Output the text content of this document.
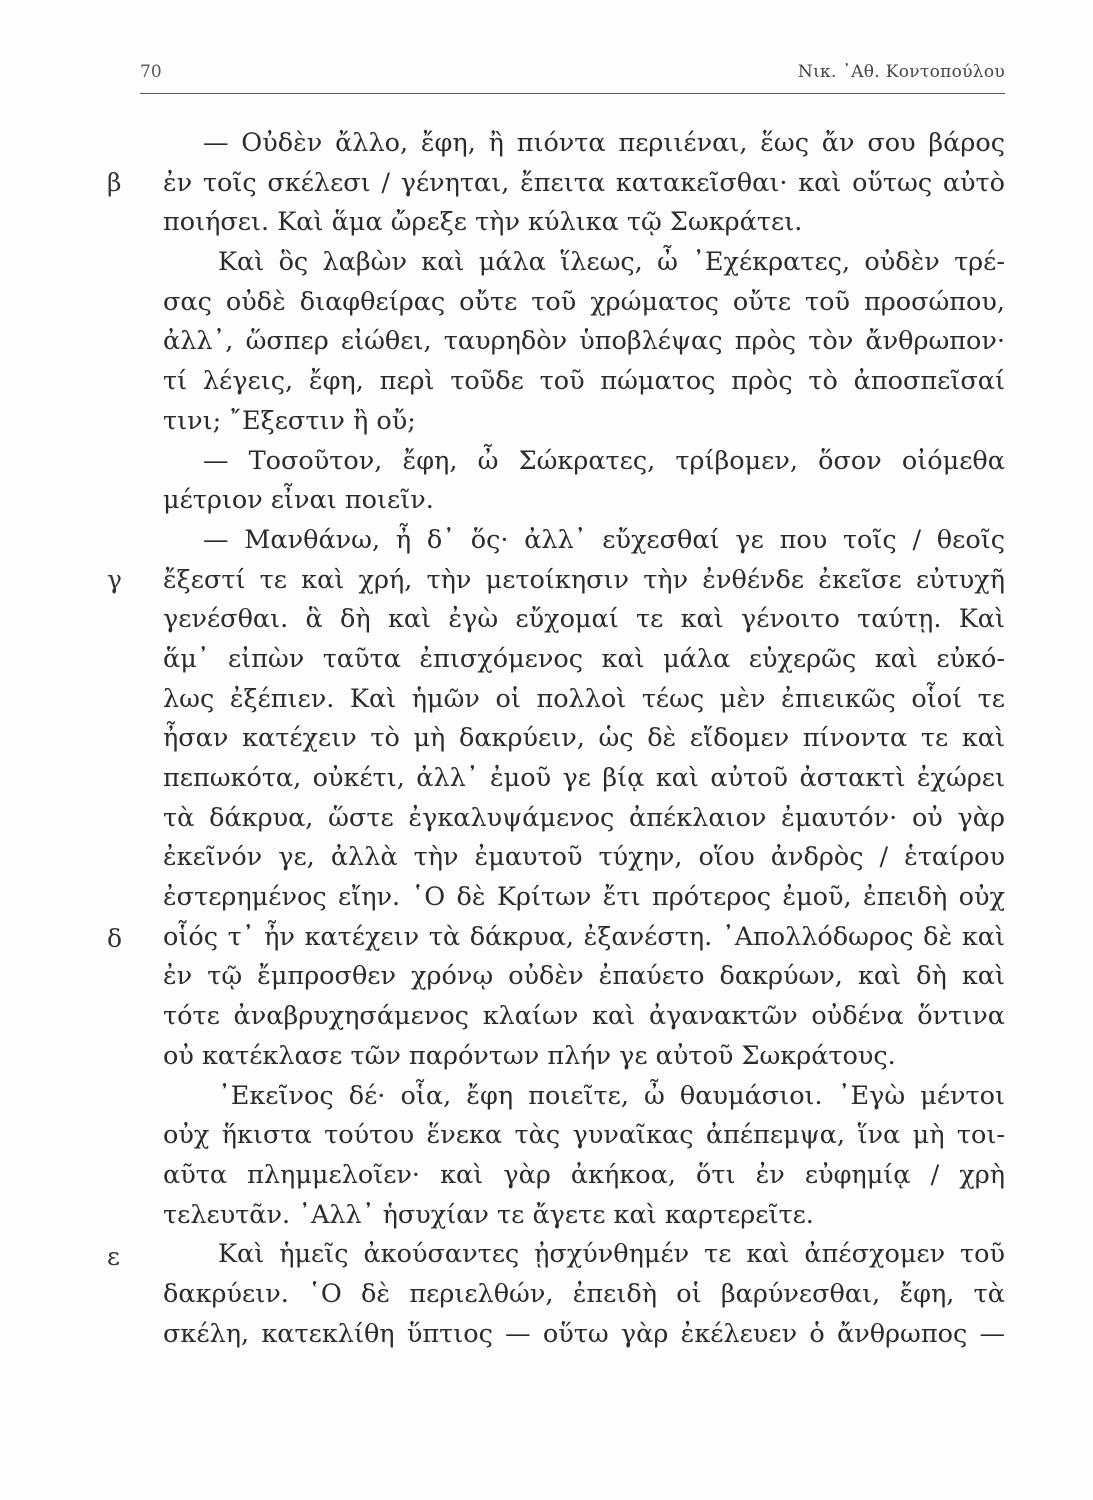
70	Νικ. ᾿Αθ. Κοντοπούλου
β
γ
δ
ε
— Οὐδὲν ἄλλο, ἔφη, ἢ πιόντα περιιέναι, ἕως ἄν σου βάρος
ἐν τοῖς σκέλεσι / γένηται, ἔπειτα κατακεῖσθαι· καὶ οὕτως αὐτὸ
ποιήσει. Καὶ ἅμα ὤρεξε τὴν κύλικα τῷ Σωκράτει.
Καὶ ὃς λαβὼν καὶ μάλα ἵλεως, ὦ ᾿Εχέκρατες, οὐδὲν τρέ-
σας οὐδὲ διαφθείρας οὔτε τοῦ χρώματος οὔτε τοῦ προσώπου,
ἀλλ᾿, ὥσπερ εἰώθει, ταυρηδὸν ὑποβλέψας πρὸς τὸν ἄνθρωπον·
τί λέγεις, ἔφη, περὶ τοῦδε τοῦ πώματος πρὸς τὸ ἀποσπεῖσαί
τινι; ῎Εξεστιν ἢ οὔ;
— Τοσοῦτον, ἔφη, ὦ Σώκρατες, τρίβομεν, ὅσον οἰόμεθα
μέτριον εἶναι ποιεῖν.
— Μανθάνω, ἦ δ᾿ ὅς· ἀλλ᾿ εὔχεσθαί γε που τοῖς / θεοῖς
ἔξεστί τε καὶ χρή, τὴν μετοίκησιν τὴν ἐνθένδε ἐκεῖσε εὐτυχῆ
γενέσθαι. ἃ δὴ καὶ ἐγὼ εὔχομαί τε καὶ γένοιτο ταύτῃ. Καὶ
ἅμ᾿ εἰπὼν ταῦτα ἐπισχόμενος καὶ μάλα εὐχερῶς καὶ εὐκό-
λως ἐξέπιεν. Καὶ ἡμῶν οἱ πολλοὶ τέως μὲν ἐπιεικῶς οἷοί τε
ἦσαν κατέχειν τὸ μὴ δακρύειν, ὡς δὲ εἴδομεν πίνοντα τε καὶ
πεπωκότα, οὐκέτι, ἀλλ᾿ ἐμοῦ γε βίᾳ καὶ αὐτοῦ ἀστακτὶ ἐχώρει
τὰ δάκρυα, ὥστε ἐγκαλυψάμενος ἀπέκλαιον ἐμαυτόν· οὐ γὰρ
ἐκεῖνόν γε, ἀλλὰ τὴν ἐμαυτοῦ τύχην, οἵου ἀνδρὸς / ἑταίρου
ἐστερημένος εἴην. ῾Ο δὲ Κρίτων ἔτι πρότερος ἐμοῦ, ἐπειδὴ οὐχ
οἷός τ᾿ ἦν κατέχειν τὰ δάκρυα, ἐξανέστη. ᾿Απολλόδωρος δὲ καὶ
ἐν τῷ ἔμπροσθεν χρόνῳ οὐδὲν ἐπαύετο δακρύων, καὶ δὴ καὶ
τότε ἀναβρυχησάμενος κλαίων καὶ ἀγανακτῶν οὐδένα ὅντινα
οὐ κατέκλασε τῶν παρόντων πλήν γε αὐτοῦ Σωκράτους.
᾿Εκεῖνος δέ· οἷα, ἔφη ποιεῖτε, ὦ θαυμάσιοι. ᾿Εγὼ μέντοι
οὐχ ἥκιστα τούτου ἕνεκα τὰς γυναῖκας ἀπέπεμψα, ἵνα μὴ τοι-
αῦτα πλημμελοῖεν· καὶ γὰρ ἀκήκοα, ὅτι ἐν εὐφημίᾳ / χρὴ
τελευτᾶν. ᾿Αλλ᾿ ἡσυχίαν τε ἄγετε καὶ καρτερεῖτε.
Καὶ ἡμεῖς ἀκούσαντες ᾐσχύνθημέν τε καὶ ἀπέσχομεν τοῦ
δακρύειν. ῾Ο δὲ περιελθών, ἐπειδὴ οἱ βαρύνεσθαι, ἔφη, τὰ
σκέλη, κατεκλίθη ὕπτιος — οὕτω γὰρ ἐκέλευεν ὁ ἄνθρωπος —
